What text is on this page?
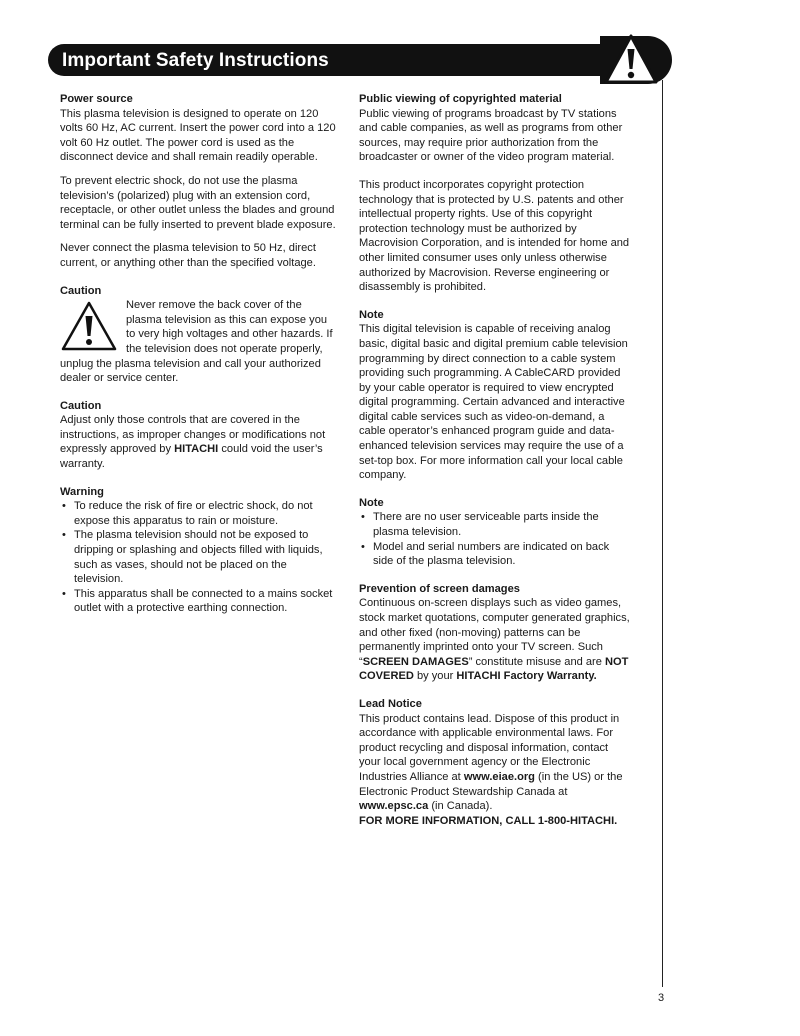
Important Safety Instructions
Power source

This plasma television is designed to operate on 120 volts 60 Hz, AC current. Insert the power cord into a 120 volt 60 Hz outlet. The power cord is used as the disconnect device and shall remain readily operable.

To prevent electric shock, do not use the plasma television’s (polarized) plug with an extension cord, receptacle, or other outlet unless the blades and ground terminal can be fully inserted to prevent blade exposure.

Never connect the plasma television to 50 Hz, direct current, or anything other than the specified voltage.

Caution

Never remove the back cover of the plasma television as this can expose you to very high voltages and other hazards. If the television does not operate properly, unplug the plasma television and call your authorized dealer or service center.

Caution

Adjust only those controls that are covered in the instructions, as improper changes or modifications not expressly approved by HITACHI could void the user’s warranty.

Warning
• To reduce the risk of fire or electric shock, do not expose this apparatus to rain or moisture.
• The plasma television should not be exposed to dripping or splashing and objects filled with liquids, such as vases, should not be placed on the television.
• This apparatus shall be connected to a mains socket outlet with a protective earthing connection.
Public viewing of copyrighted material

Public viewing of programs broadcast by TV stations and cable companies, as well as programs from other sources, may require prior authorization from the broadcaster or owner of the video program material.

This product incorporates copyright protection technology that is protected by U.S. patents and other intellectual property rights. Use of this copyright protection technology must be authorized by Macrovision Corporation, and is intended for home and other limited consumer uses only unless otherwise authorized by Macrovision. Reverse engineering or disassembly is prohibited.

Note

This digital television is capable of receiving analog basic, digital basic and digital premium cable television programming by direct connection to a cable system providing such programming. A CableCARD provided by your cable operator is required to view encrypted digital programming. Certain advanced and interactive digital cable services such as video-on-demand, a cable operator’s enhanced program guide and data-enhanced television services may require the use of a set-top box. For more information call your local cable company.

Note
• There are no user serviceable parts inside the plasma television.
• Model and serial numbers are indicated on back side of the plasma television.
Prevention of screen damages

Continuous on-screen displays such as video games, stock market quotations, computer generated graphics, and other fixed (non-moving) patterns can be permanently imprinted onto your TV screen. Such “SCREEN DAMAGES” constitute misuse and are NOT COVERED by your HITACHI Factory Warranty.

Lead Notice

This product contains lead. Dispose of this product in accordance with applicable environmental laws. For product recycling and disposal information, contact your local government agency or the Electronic Industries Alliance at www.eiae.org (in the US) or the Electronic Product Stewardship Canada at www.epsc.ca (in Canada).

FOR MORE INFORMATION, CALL 1-800-HITACHI.

3
